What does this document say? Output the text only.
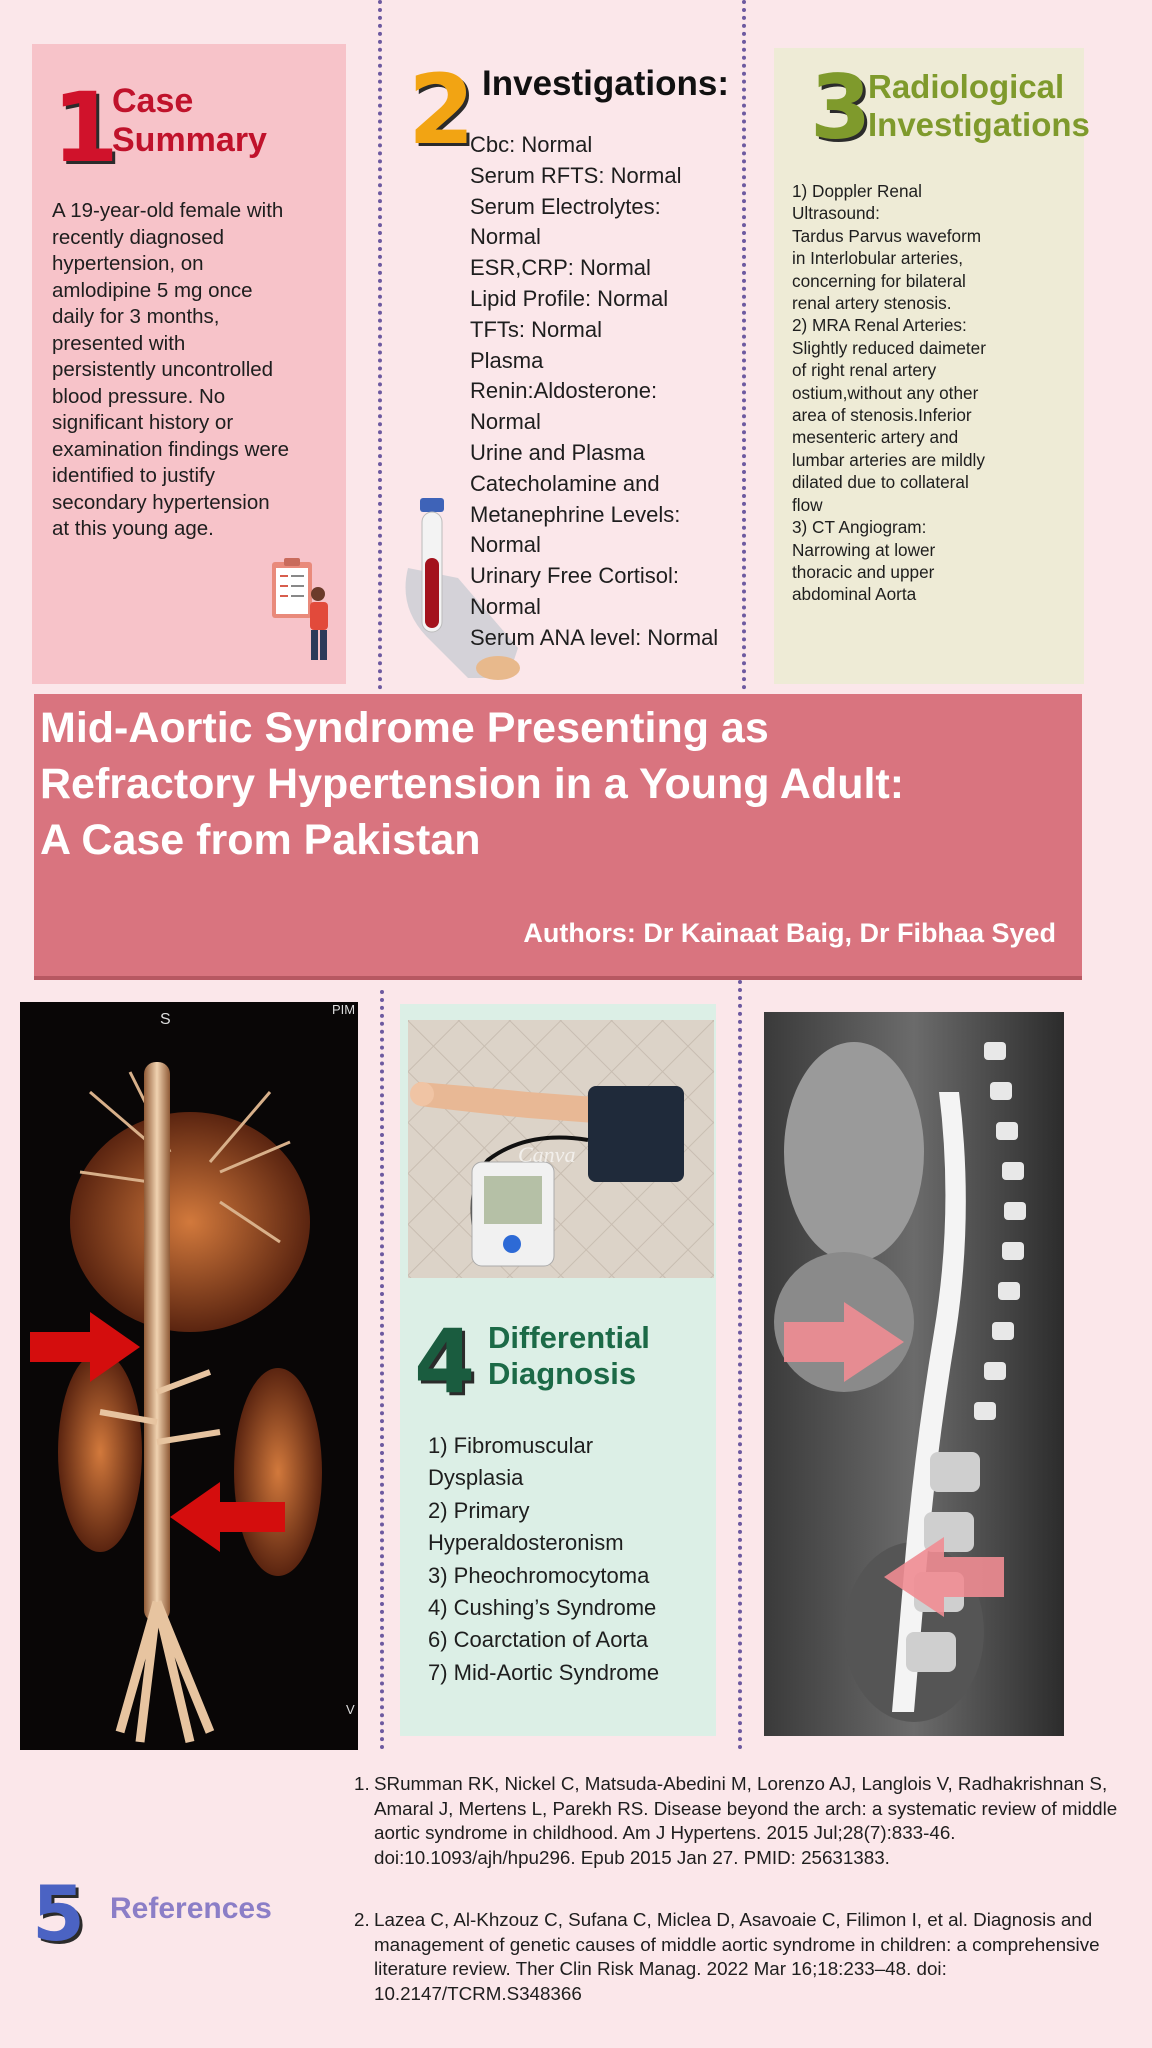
1
Case
Summary
A 19-year-old female with
recently diagnosed
hypertension, on
amlodipine 5 mg once
daily for 3 months,
presented with
persistently uncontrolled
blood pressure. No
significant history or
examination findings were
identified to justify
secondary hypertension
at this young age.
2 Investigations:
Cbc: Normal
Serum RFTS: Normal
Serum Electrolytes:
Normal
ESR,CRP: Normal
Lipid Profile: Normal
TFTs: Normal
Plasma
Renin:Aldosterone:
Normal
Urine and Plasma
Catecholamine and
Metanephrine Levels:
Normal
Urinary Free Cortisol:
Normal
Serum ANA level: Normal
3
Radiological
Investigations
1) Doppler Renal
Ultrasound:
Tardus Parvus waveform
in Interlobular arteries,
concerning for bilateral
renal artery stenosis.
2) MRA Renal Arteries:
Slightly reduced daimeter
of right renal artery
ostium,without any other
area of stenosis.Inferior
mesenteric artery and
lumbar arteries are mildly
dilated due to collateral
flow
3) CT Angiogram:
Narrowing at lower
thoracic and upper
abdominal Aorta
Mid-Aortic Syndrome Presenting as
Refractory Hypertension in a Young Adult:
A Case from Pakistan
Authors: Dr Kainaat Baig, Dr Fibhaa Syed
S
PIM
V
Canva
4 Differential
Diagnosis
1) Fibromuscular
Dysplasia
2) Primary
Hyperaldosteronism
3) Pheochromocytoma
4) Cushing’s Syndrome
6) Coarctation of Aorta
7) Mid-Aortic Syndrome
5 References
1. SRumman RK, Nickel C, Matsuda-Abedini M, Lorenzo AJ, Langlois V, Radhakrishnan S, Amaral J, Mertens L, Parekh RS. Disease beyond the arch: a systematic review of middle aortic syndrome in childhood. Am J Hypertens. 2015 Jul;28(7):833-46. doi:10.1093/ajh/hpu296. Epub 2015 Jan 27. PMID: 25631383.
2. Lazea C, Al-Khzouz C, Sufana C, Miclea D, Asavoaie C, Filimon I, et al. Diagnosis and management of genetic causes of middle aortic syndrome in children: a comprehensive literature review. Ther Clin Risk Manag. 2022 Mar 16;18:233–48. doi: 10.2147/TCRM.S348366
